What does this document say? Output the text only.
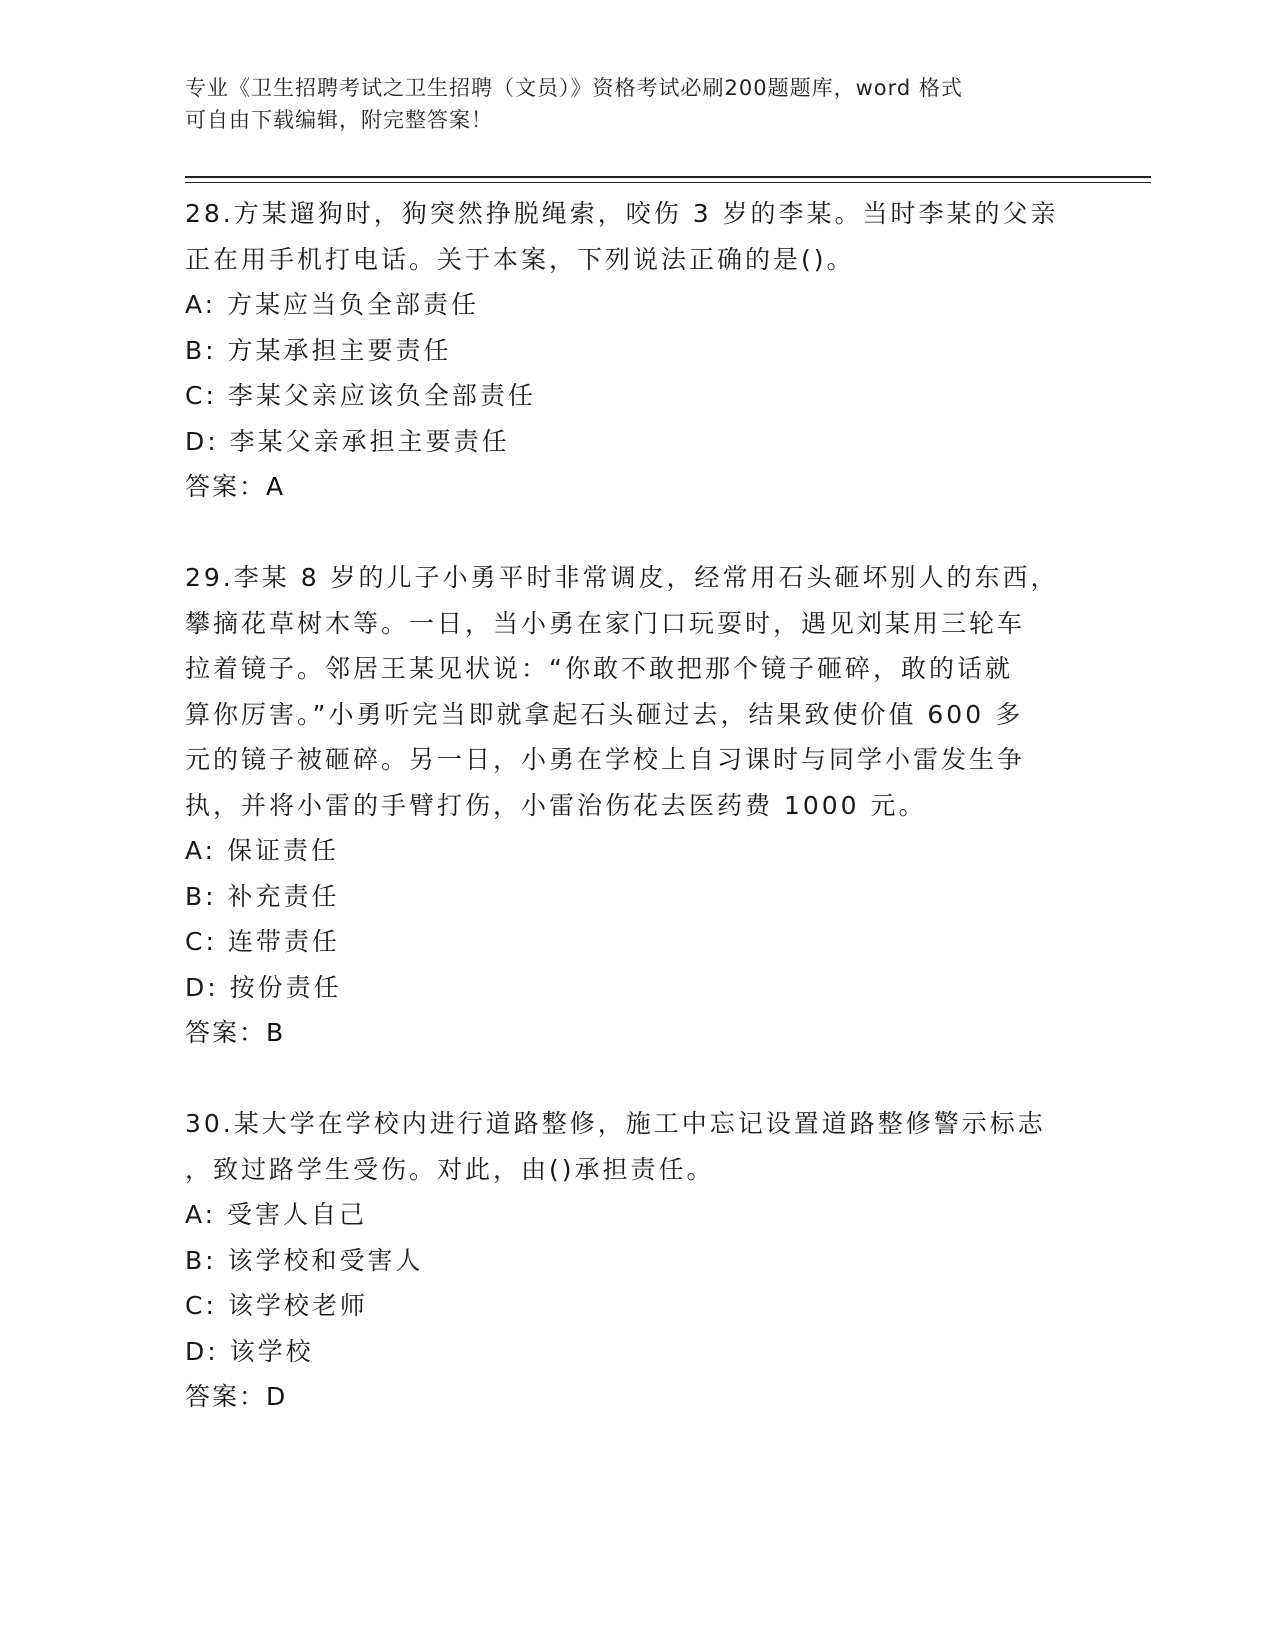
专业《卫生招聘考试之卫生招聘（文员）》资格考试必刷200题题库，word 格式
可自由下载编辑，附完整答案！
28.方某遛狗时，狗突然挣脱绳索，咬伤 3 岁的李某。当时李某的父亲
正在用手机打电话。关于本案，下列说法正确的是()。
A: 方某应当负全部责任
B: 方某承担主要责任
C: 李某父亲应该负全部责任
D: 李某父亲承担主要责任
答案：A
29.李某 8 岁的儿子小勇平时非常调皮，经常用石头砸坏别人的东西，
攀摘花草树木等。一日，当小勇在家门口玩耍时，遇见刘某用三轮车
拉着镜子。邻居王某见状说：“你敢不敢把那个镜子砸碎，敢的话就
算你厉害。”小勇听完当即就拿起石头砸过去，结果致使价值 600 多
元的镜子被砸碎。另一日，小勇在学校上自习课时与同学小雷发生争
执，并将小雷的手臂打伤，小雷治伤花去医药费 1000 元。
A: 保证责任
B: 补充责任
C: 连带责任
D: 按份责任
答案：B
30.某大学在学校内进行道路整修，施工中忘记设置道路整修警示标志
，致过路学生受伤。对此，由()承担责任。
A: 受害人自己
B: 该学校和受害人
C: 该学校老师
D: 该学校
答案：D
